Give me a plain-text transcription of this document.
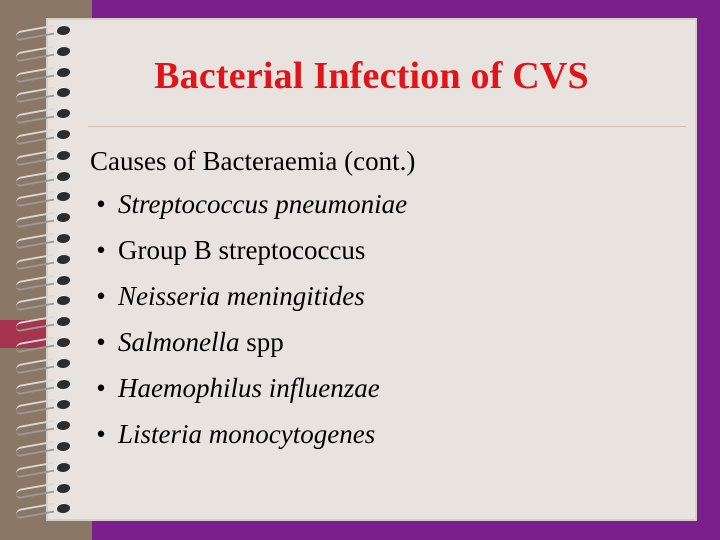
Bacterial Infection of CVS
Causes of Bacteraemia (cont.)
• Streptococcus pneumoniae
• Group B streptococcus
• Neisseria meningitides
• Salmonella spp
• Haemophilus influenzae
• Listeria monocytogenes
